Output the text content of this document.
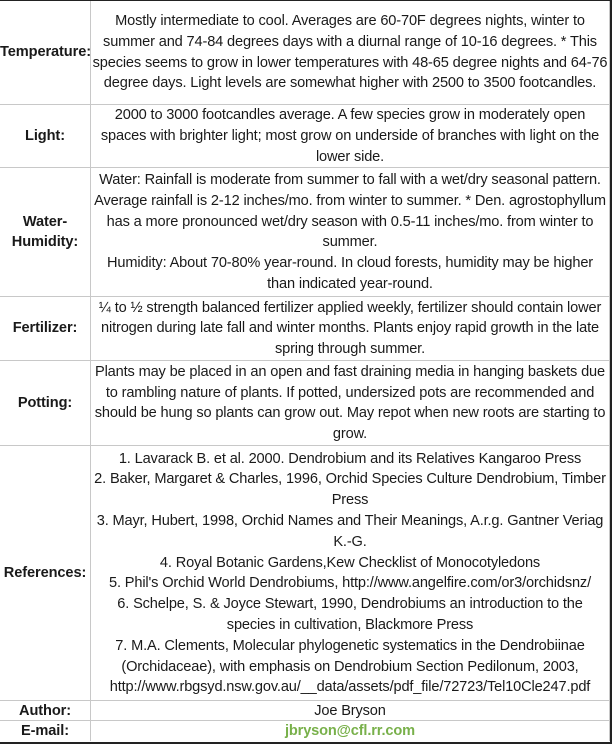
Temperature:	Mostly intermediate to cool. Averages are 60-70F degrees nights, winter to summer and 74-84 degrees days with a diurnal range of 10-16 degrees. * This species seems to grow in lower temperatures with 48-65 degree nights and 64-76 degree days. Light levels are somewhat higher with 2500 to 3500 footcandles.
Light:	2000 to 3000 footcandles average. A few species grow in moderately open spaces with brighter light; most grow on underside of branches with light on the lower side.
Water-Humidity:	Water: Rainfall is moderate from summer to fall with a wet/dry seasonal pattern. Average rainfall is 2-12 inches/mo. from winter to summer. * Den. agrostophyllum has a more pronounced wet/dry season with 0.5-11 inches/mo. from winter to summer.
Humidity: About 70-80% year-round. In cloud forests, humidity may be higher than indicated year-round.

Fertilizer:	¼ to ½ strength balanced fertilizer applied weekly, fertilizer should contain lower nitrogen during late fall and winter months. Plants enjoy rapid growth in the late spring through summer.
Potting:	Plants may be placed in an open and fast draining media in hanging baskets due to rambling nature of plants. If potted, undersized pots are recommended and should be hung so plants can grow out. May repot when new roots are starting to grow.
References:	
1. Lavarack B. et al. 2000. Dendrobium and its Relatives Kangaroo Press
2. Baker, Margaret & Charles, 1996, Orchid Species Culture Dendrobium, Timber Press
3. Mayr, Hubert, 1998, Orchid Names and Their Meanings, A.r.g. Gantner Veriag K.-G.
4. Royal Botanic Gardens,Kew Checklist of Monocotyledons
5. Phil's Orchid World Dendrobiums, http://www.angelfire.com/or3/orchidsnz/
6. Schelpe, S. & Joyce Stewart, 1990, Dendrobiums an introduction to the species in cultivation, Blackmore Press
7. M.A. Clements, Molecular phylogenetic systematics in the Dendrobiinae (Orchidaceae), with emphasis on Dendrobium Section Pedilonum, 2003, http://www.rbgsyd.nsw.gov.au/__data/assets/pdf_file/72723/Tel10Cle247.pdf

Author:	Joe Bryson
E-mail:	jbryson@cfl.rr.com
